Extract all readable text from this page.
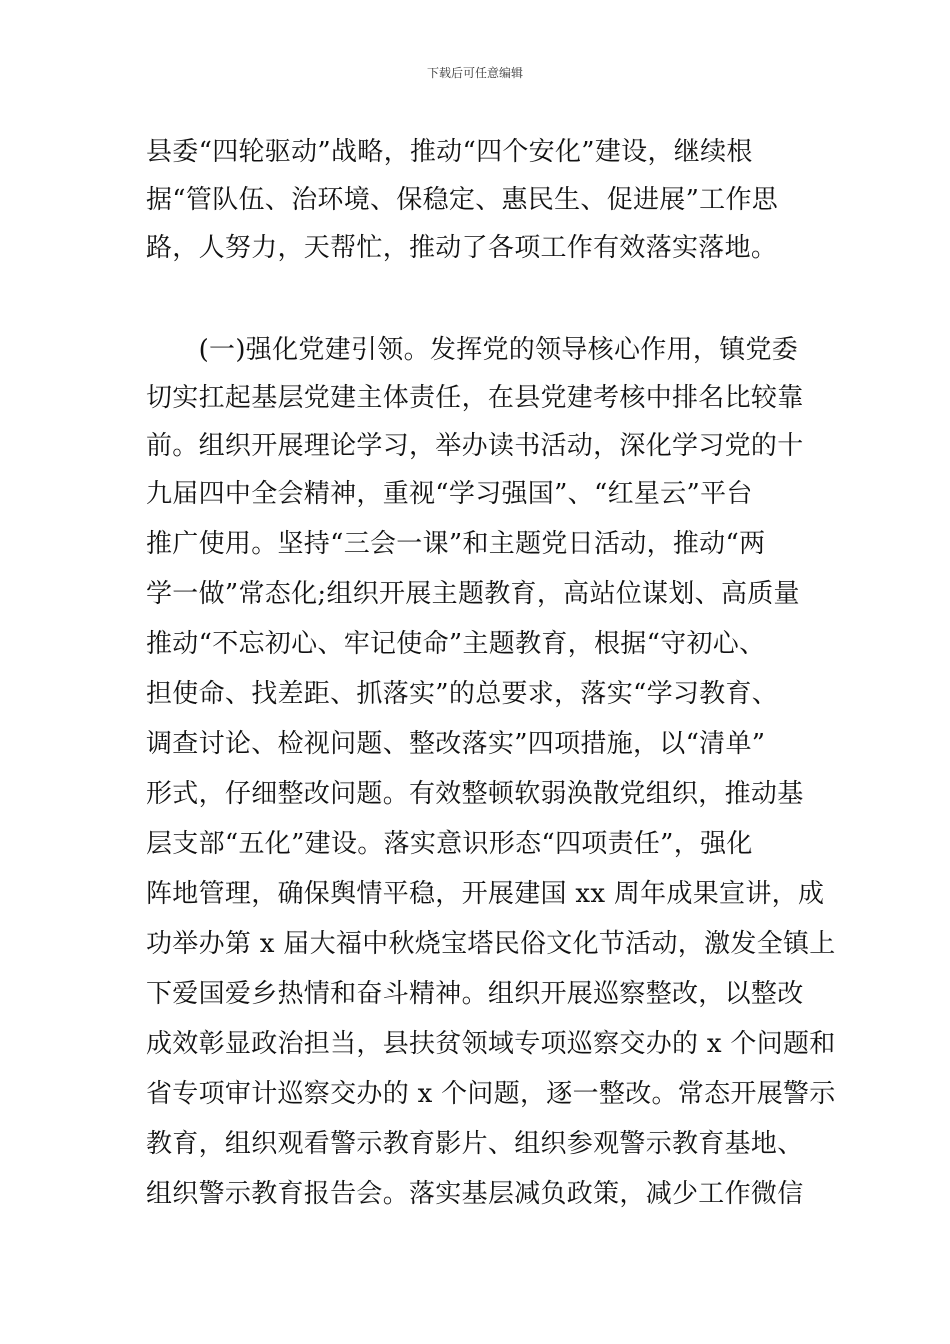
下载后可任意编辑
县委“四轮驱动”战略，推动“四个安化”建设，继续根
据“管队伍、治环境、保稳定、惠民生、促进展”工作思
路，人努力，天帮忙，推动了各项工作有效落实落地。
　　(一)强化党建引领。发挥党的领导核心作用，镇党委
切实扛起基层党建主体责任，在县党建考核中排名比较靠
前。组织开展理论学习，举办读书活动，深化学习党的十
九届四中全会精神，重视“学习强国”、“红星云”平台
推广使用。坚持“三会一课”和主题党日活动，推动“两
学一做”常态化;组织开展主题教育，高站位谋划、高质量
推动“不忘初心、牢记使命”主题教育，根据“守初心、
担使命、找差距、抓落实”的总要求，落实“学习教育、
调查讨论、检视问题、整改落实”四项措施，以“清单”
形式，仔细整改问题。有效整顿软弱涣散党组织，推动基
层支部“五化”建设。落实意识形态“四项责任”，强化
阵地管理，确保舆情平稳，开展建国 xx 周年成果宣讲，成
功举办第 x 届大福中秋烧宝塔民俗文化节活动，激发全镇上
下爱国爱乡热情和奋斗精神。组织开展巡察整改，以整改
成效彰显政治担当，县扶贫领域专项巡察交办的 x 个问题和
省专项审计巡察交办的 x 个问题，逐一整改。常态开展警示
教育，组织观看警示教育影片、组织参观警示教育基地、
组织警示教育报告会。落实基层减负政策，减少工作微信
